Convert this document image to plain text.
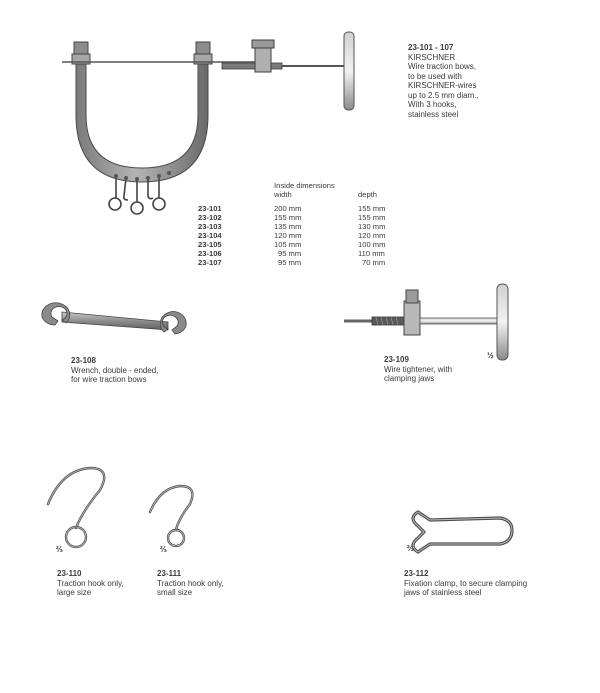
23-101 - 107
KIRSCHNER
Wire traction bows,
to be used with
KIRSCHNER-wires
up to 2.5 mm diam.,
With 3 hooks,
stainless steel
	Inside dimensions	
	width	depth

23-101	200 mm	155 mm
23-102	155 mm	155 mm
23-103	135 mm	130 mm
23-104	120 mm	120 mm
23-105	105 mm	100 mm
23-106	95 mm	110 mm
23-107	95 mm	70 mm
23-108
Wrench, double - ended,
for wire traction bows
½
23-109
Wire tightener, with
clamping jaws
⅔
23-110
Traction hook only,
large size
⅔
23-111
Traction hook only,
small size
⅔
23-112
Fixation clamp, to secure clamping
jaws of stainless steel
